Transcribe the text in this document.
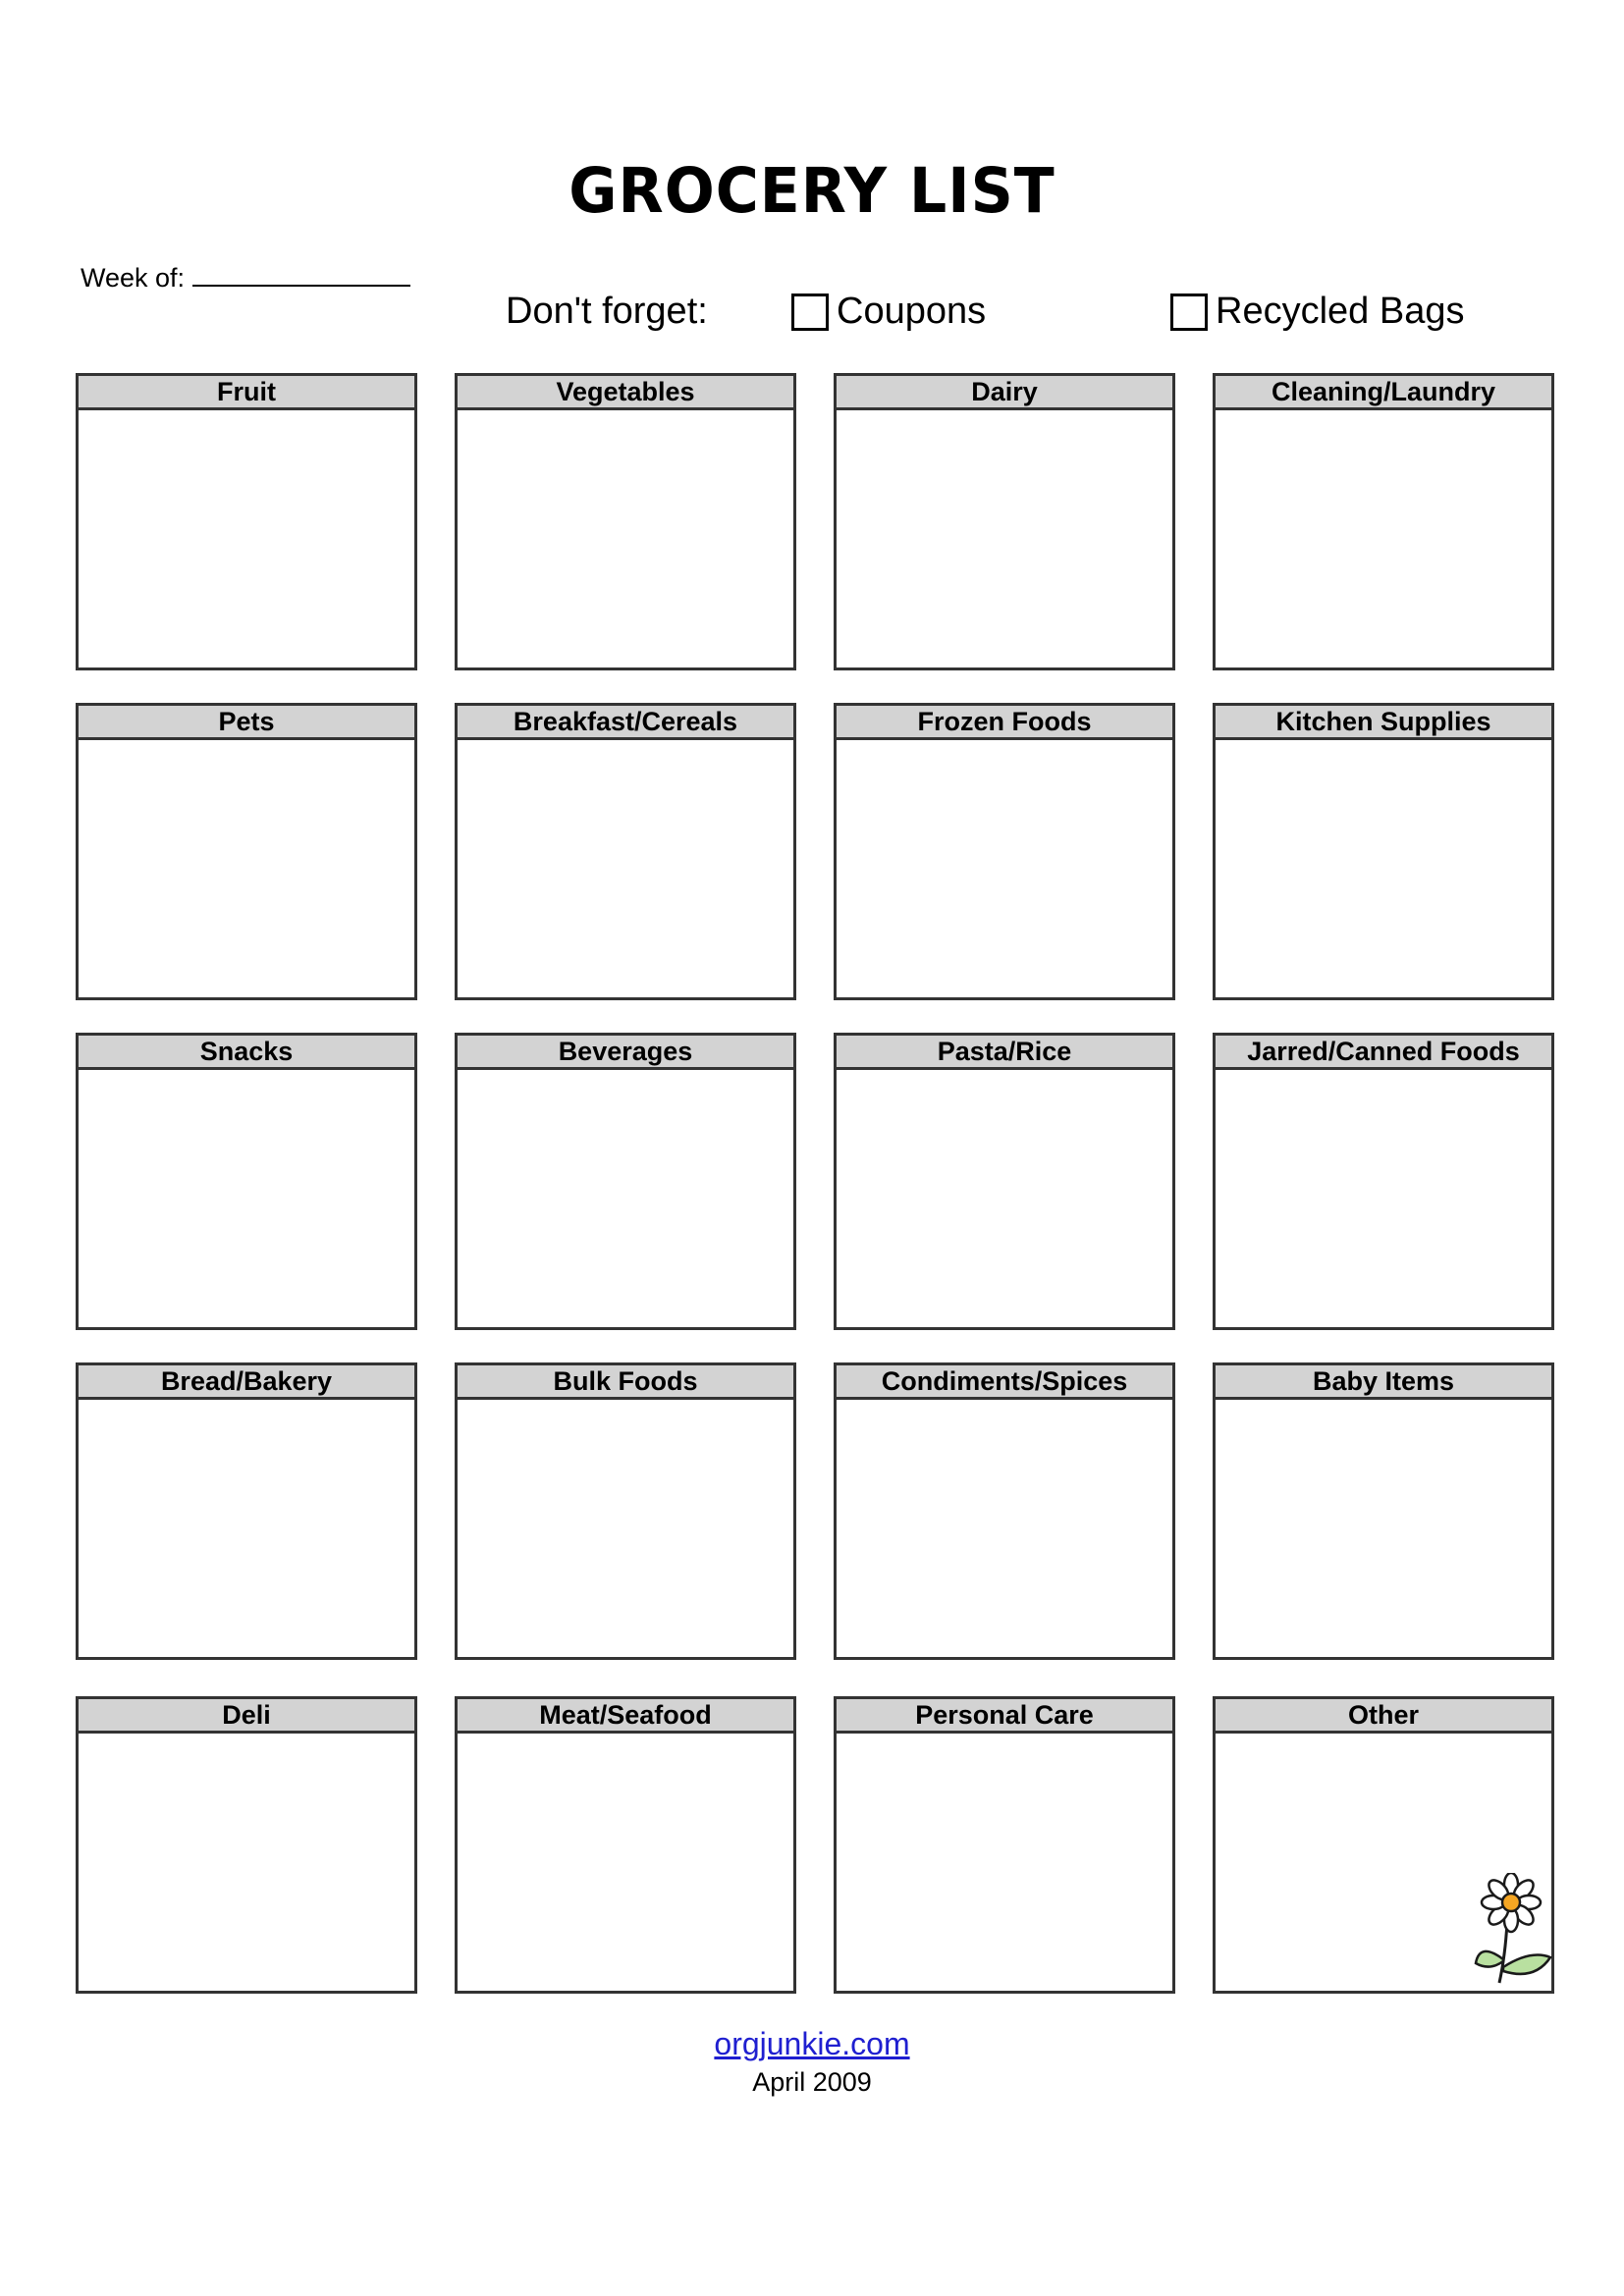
GROCERY LIST
Week of:
Don't forget:	Coupons	Recycled Bags
Fruit	Vegetables	Dairy	Cleaning/Laundry
Pets	Breakfast/Cereals	Frozen Foods	Kitchen Supplies
Snacks	Beverages	Pasta/Rice	Jarred/Canned Foods
Bread/Bakery	Bulk Foods	Condiments/Spices	Baby Items
Deli	Meat/Seafood	Personal Care	Other
orgjunkie.com
April 2009
